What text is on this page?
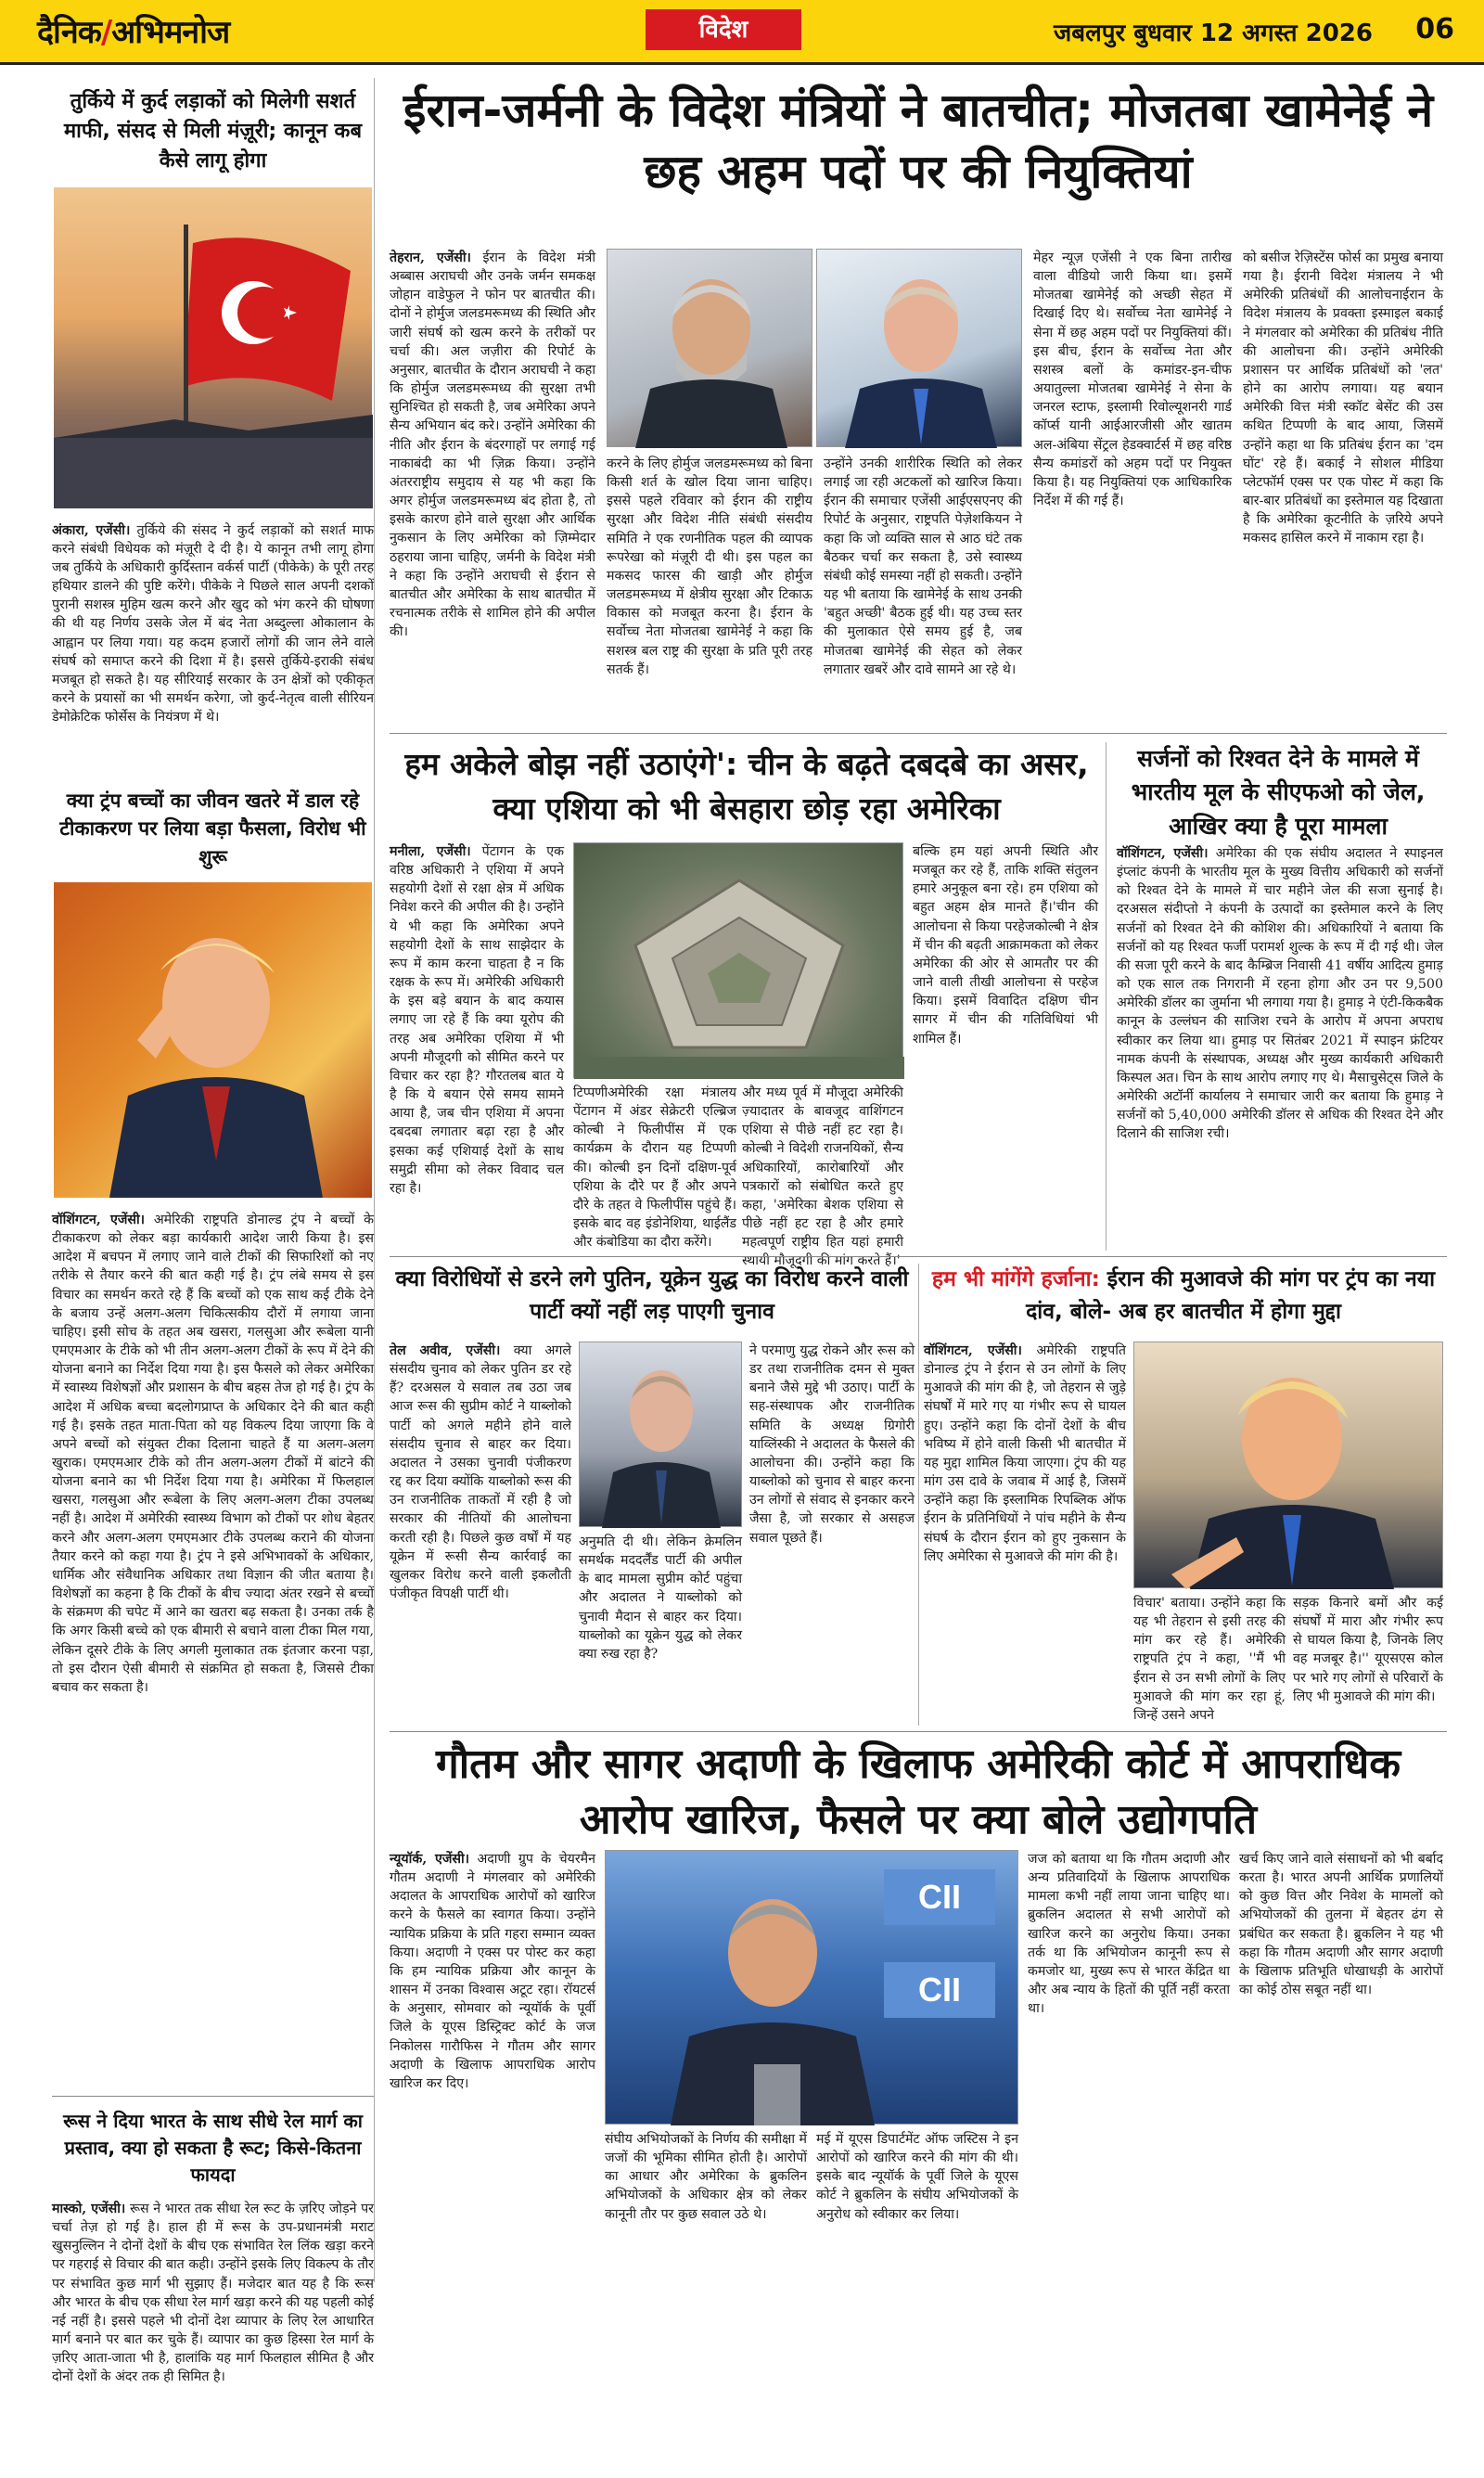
दैनिक/अभिमनोज	विदेश	जबलपुर बुधवार 12 अगस्त 2026 06
तुर्किये में कुर्द लड़ाकों को मिलेगी सशर्त माफी, संसद से मिली मंज़ूरी; कानून कब कैसे लागू होगा
अंकारा, एजेंसी। तुर्किये की संसद ने कुर्द लड़ाकों को सशर्त माफ करने संबंधी विधेयक को मंज़ूरी दे दी है। ये कानून तभी लागू होगा जब तुर्किये के अधिकारी कुर्दिस्तान वर्कर्स पार्टी (पीकेके) के पूरी तरह हथियार डालने की पुष्टि करेंगे। पीकेके ने पिछले साल अपनी दशकों पुरानी सशस्त्र मुहिम खत्म करने और खुद को भंग करने की घोषणा की थी यह निर्णय उसके जेल में बंद नेता अब्दुल्ला ओकालान के आह्वान पर लिया गया। यह कदम हजारों लोगों की जान लेने वाले संघर्ष को समाप्त करने की दिशा में है। इससे तुर्किये-इराकी संबंध मजबूत हो सकते है। यह सीरियाई सरकार के उन क्षेत्रों को एकीकृत करने के प्रयासों का भी समर्थन करेगा, जो कुर्द-नेतृत्व वाली सीरियन डेमोक्रेटिक फोर्सेस के नियंत्रण में थे।
क्या ट्रंप बच्चों का जीवन खतरे में डाल रहे टीकाकरण पर लिया बड़ा फैसला, विरोध भी शुरू
वॉशिंगटन, एजेंसी। अमेरिकी राष्ट्रपति डोनाल्ड ट्रंप ने बच्चों के टीकाकरण को लेकर बड़ा कार्यकारी आदेश जारी किया है। इस आदेश में बचपन में लगाए जाने वाले टीकों की सिफारिशों को नए तरीके से तैयार करने की बात कही गई है। ट्रंप लंबे समय से इस विचार का समर्थन करते रहे हैं कि बच्चों को एक साथ कई टीके देने के बजाय उन्हें अलग-अलग चिकित्सकीय दौरों में लगाया जाना चाहिए। इसी सोच के तहत अब खसरा, गलसुआ और रूबेला यानी एमएमआर के टीके को भी तीन अलग-अलग टीकों के रूप में देने की योजना बनाने का निर्देश दिया गया है। इस फैसले को लेकर अमेरिका में स्वास्थ्य विशेषज्ञों और प्रशासन के बीच बहस तेज हो गई है। ट्रंप के आदेश में अधिक बच्चा बदलोगप्राप्त के अधिकार देने की बात कही गई है। इसके तहत माता-पिता को यह विकल्प दिया जाएगा कि वे अपने बच्चों को संयुक्त टीका दिलाना चाहते हैं या अलग-अलग खुराक। एमएमआर टीके को तीन अलग-अलग टीकों में बांटने की योजना बनाने का भी निर्देश दिया गया है। अमेरिका में फिलहाल खसरा, गलसुआ और रूबेला के लिए अलग-अलग टीका उपलब्ध नहीं है। आदेश में अमेरिकी स्वास्थ्य विभाग को टीकों पर शोध बेहतर करने और अलग-अलग एमएमआर टीके उपलब्ध कराने की योजना तैयार करने को कहा गया है। ट्रंप ने इसे अभिभावकों के अधिकार, धार्मिक और संवैधानिक अधिकार तथा विज्ञान की जीत बताया है। विशेषज्ञों का कहना है कि टीकों के बीच ज्यादा अंतर रखने से बच्चों के संक्रमण की चपेट में आने का खतरा बढ़ सकता है। उनका तर्क है कि अगर किसी बच्चे को एक बीमारी से बचाने वाला टीका मिल गया, लेकिन दूसरे टीके के लिए अगली मुलाकात तक इंतजार करना पड़ा, तो इस दौरान ऐसी बीमारी से संक्रमित हो सकता है, जिससे टीका बचाव कर सकता है।
रूस ने दिया भारत के साथ सीधे रेल मार्ग का प्रस्ताव, क्या हो सकता है रूट; किसे-कितना फायदा
मास्को, एजेंसी। रूस ने भारत तक सीधा रेल रूट के ज़रिए जोड़ने पर चर्चा तेज़ हो गई है। हाल ही में रूस के उप-प्रधानमंत्री मराट खुसनुल्लिन ने दोनों देशों के बीच एक संभावित रेल लिंक खड़ा करने पर गहराई से विचार की बात कही। उन्होंने इसके लिए विकल्प के तौर पर संभावित कुछ मार्ग भी सुझाए हैं। मजेदार बात यह है कि रूस और भारत के बीच एक सीधा रेल मार्ग खड़ा करने की यह पहली कोई नई नहीं है। इससे पहले भी दोनों देश व्यापार के लिए रेल आधारित मार्ग बनाने पर बात कर चुके हैं। व्यापार का कुछ हिस्सा रेल मार्ग के ज़रिए आता-जाता भी है, हालांकि यह मार्ग फिलहाल सीमित है और दोनों देशों के अंदर तक ही सिमित है।
ईरान-जर्मनी के विदेश मंत्रियों ने बातचीत; मोजतबा खामेनेई ने छह अहम पदों पर की नियुक्तियां
तेहरान, एजेंसी। ईरान के विदेश मंत्री अब्बास अराघची और उनके जर्मन समकक्ष जोहान वाडेफुल ने फोन पर बातचीत की। दोनों ने होर्मुज जलडमरूमध्य की स्थिति और जारी संघर्ष को खत्म करने के तरीकों पर चर्चा की। अल जज़ीरा की रिपोर्ट के अनुसार, बातचीत के दौरान अराघची ने कहा कि होर्मुज जलडमरूमध्य की सुरक्षा तभी सुनिश्चित हो सकती है, जब अमेरिका अपने सैन्य अभियान बंद करे। उन्होंने अमेरिका की नीति और ईरान के बंदरगाहों पर लगाई गई नाकाबंदी का भी ज़िक्र किया। उन्होंने अंतरराष्ट्रीय समुदाय से यह भी कहा कि अगर होर्मुज जलडमरूमध्य बंद होता है, तो इसके कारण होने वाले सुरक्षा और आर्थिक नुकसान के लिए अमेरिका को ज़िम्मेदार ठहराया जाना चाहिए, जर्मनी के विदेश मंत्री ने कहा कि उन्होंने अराघची से ईरान से बातचीत और अमेरिका के साथ बातचीत में रचनात्मक तरीके से शामिल होने की अपील की।
करने के लिए होर्मुज जलडमरूमध्य को बिना किसी शर्त के खोल दिया जाना चाहिए। इससे पहले रविवार को ईरान की राष्ट्रीय सुरक्षा और विदेश नीति संबंधी संसदीय समिति ने एक रणनीतिक पहल की व्यापक रूपरेखा को मंज़ूरी दी थी। इस पहल का मकसद फारस की खाड़ी और होर्मुज जलडमरूमध्य में क्षेत्रीय सुरक्षा और टिकाऊ विकास को मजबूत करना है। ईरान के सर्वोच्च नेता मोजतबा खामेनेई ने कहा कि सशस्त्र बल राष्ट्र की सुरक्षा के प्रति पूरी तरह सतर्क हैं।
उन्होंने उनकी शारीरिक स्थिति को लेकर लगाई जा रही अटकलों को खारिज किया। ईरान की समाचार एजेंसी आईएसएनए की रिपोर्ट के अनुसार, राष्ट्रपति पेज़ेशकियन ने कहा कि जो व्यक्ति साल से आठ घंटे तक बैठकर चर्चा कर सकता है, उसे स्वास्थ्य संबंधी कोई समस्या नहीं हो सकती। उन्होंने यह भी बताया कि खामेनेई के साथ उनकी 'बहुत अच्छी' बैठक हुई थी। यह उच्च स्तर की मुलाकात ऐसे समय हुई है, जब मोजतबा खामेनेई की सेहत को लेकर लगातार खबरें और दावे सामने आ रहे थे।
मेहर न्यूज़ एजेंसी ने एक बिना तारीख वाला वीडियो जारी किया था। इसमें मोजतबा खामेनेई को अच्छी सेहत में दिखाई दिए थे। सर्वोच्च नेता खामेनेई ने सेना में छह अहम पदों पर नियुक्तियां कीं। इस बीच, ईरान के सर्वोच्च नेता और सशस्त्र बलों के कमांडर-इन-चीफ अयातुल्ला मोजतबा खामेनेई ने सेना के जनरल स्टाफ, इस्लामी रिवोल्यूशनरी गार्ड कॉर्प्स यानी आईआरजीसी और खातम अल-अंबिया सेंट्रल हेडक्वार्टर्स में छह वरिष्ठ सैन्य कमांडरों को अहम पदों पर नियुक्त किया है। यह नियुक्तियां एक आधिकारिक निर्देश में की गई हैं।
को बसीज रेज़िस्टेंस फोर्स का प्रमुख बनाया गया है। ईरानी विदेश मंत्रालय ने भी अमेरिकी प्रतिबंधों की आलोचनाईरान के विदेश मंत्रालय के प्रवक्ता इस्माइल बकाई ने मंगलवार को अमेरिका की प्रतिबंध नीति की आलोचना की। उन्होंने अमेरिकी प्रशासन पर आर्थिक प्रतिबंधों को 'लत' होने का आरोप लगाया। यह बयान अमेरिकी वित्त मंत्री स्कॉट बेसेंट की उस कथित टिप्पणी के बाद आया, जिसमें उन्होंने कहा था कि प्रतिबंध ईरान का 'दम घोंट' रहे हैं। बकाई ने सोशल मीडिया प्लेटफॉर्म एक्स पर एक पोस्ट में कहा कि बार-बार प्रतिबंधों का इस्तेमाल यह दिखाता है कि अमेरिका कूटनीति के ज़रिये अपने मकसद हासिल करने में नाकाम रहा है।
हम अकेले बोझ नहीं उठाएंगे': चीन के बढ़ते दबदबे का असर, क्या एशिया को भी बेसहारा छोड़ रहा अमेरिका
मनीला, एजेंसी। पेंटागन के एक वरिष्ठ अधिकारी ने एशिया में अपने सहयोगी देशों से रक्षा क्षेत्र में अधिक निवेश करने की अपील की है। उन्होंने ये भी कहा कि अमेरिका अपने सहयोगी देशों के साथ साझेदार के रूप में काम करना चाहता है न कि रक्षक के रूप में। अमेरिकी अधिकारी के इस बड़े बयान के बाद कयास लगाए जा रहे हैं कि क्या यूरोप की तरह अब अमेरिका एशिया में भी अपनी मौजूदगी को सीमित करने पर विचार कर रहा है? गौरतलब बात ये है कि ये बयान ऐसे समय सामने आया है, जब चीन एशिया में अपना दबदबा लगातार बढ़ा रहा है और इसका कई एशियाई देशों के साथ समुद्री सीमा को लेकर विवाद चल रहा है।
टिप्पणीअमेरिकी रक्षा मंत्रालय पेंटागन में अंडर सेक्रेटरी एल्ब्रिज कोल्बी ने फिलीपींस में एक कार्यक्रम के दौरान यह टिप्पणी की। कोल्बी इन दिनों दक्षिण-पूर्व एशिया के दौरे पर हैं और अपने दौरे के तहत वे फिलीपींस पहुंचे हैं। इसके बाद वह इंडोनेशिया, थाईलैंड और कंबोडिया का दौरा करेंगे।
और मध्य पूर्व में मौजूदा अमेरिकी ज़्यादातर के बावजूद वाशिंगटन एशिया से पीछे नहीं हट रहा है। कोल्बी ने विदेशी राजनयिकों, सैन्य अधिकारियों, कारोबारियों और पत्रकारों को संबोधित करते हुए कहा, 'अमेरिका बेशक एशिया से पीछे नहीं हट रहा है और हमारे महत्वपूर्ण राष्ट्रीय हित यहां हमारी स्थायी मौजूदगी की मांग करते हैं।'
बल्कि हम यहां अपनी स्थिति और मजबूत कर रहे हैं, ताकि शक्ति संतुलन हमारे अनुकूल बना रहे। हम एशिया को बहुत अहम क्षेत्र मानते हैं।'चीन की आलोचना से किया परहेजकोल्बी ने क्षेत्र में चीन की बढ़ती आक्रामकता को लेकर अमेरिका की ओर से आमतौर पर की जाने वाली तीखी आलोचना से परहेज किया। इसमें विवादित दक्षिण चीन सागर में चीन की गतिविधियां भी शामिल हैं।
सर्जनों को रिश्वत देने के मामले में भारतीय मूल के सीएफओ को जेल, आखिर क्या है पूरा मामला
वॉशिंगटन, एजेंसी। अमेरिका की एक संघीय अदालत ने स्पाइनल इंप्लांट कंपनी के भारतीय मूल के मुख्य वित्तीय अधिकारी को सर्जनों को रिश्वत देने के मामले में चार महीने जेल की सजा सुनाई है। दरअसल संदीप्तो ने कंपनी के उत्पादों का इस्तेमाल करने के लिए सर्जनों को रिश्वत देने की कोशिश की। अधिकारियों ने बताया कि सर्जनों को यह रिश्वत फर्जी परामर्श शुल्क के रूप में दी गई थी। जेल की सजा पूरी करने के बाद कैम्ब्रिज निवासी 41 वर्षीय आदित्य हुमाड़ को एक साल तक निगरानी में रहना होगा और उन पर 9,500 अमेरिकी डॉलर का जुर्माना भी लगाया गया है। हुमाड़ ने एंटी-किकबैक कानून के उल्लंघन की साजिश रचने के आरोप में अपना अपराध स्वीकार कर लिया था। हुमाड़ पर सितंबर 2021 में स्पाइन फ्रंटियर नामक कंपनी के संस्थापक, अध्यक्ष और मुख्य कार्यकारी अधिकारी किस्पल अत। चिन के साथ आरोप लगाए गए थे। मैसाचुसेट्स जिले के अमेरिकी अटॉर्नी कार्यालय ने समाचार जारी कर बताया कि हुमाड़ ने सर्जनों को 5,40,000 अमेरिकी डॉलर से अधिक की रिश्वत देने और दिलाने की साजिश रची।
क्या विरोधियों से डरने लगे पुतिन, यूक्रेन युद्ध का विरोध करने वाली पार्टी क्यों नहीं लड़ पाएगी चुनाव
तेल अवीव, एजेंसी। क्या अगले संसदीय चुनाव को लेकर पुतिन डर रहे हैं? दरअसल ये सवाल तब उठा जब आज रूस की सुप्रीम कोर्ट ने याब्लोको पार्टी को अगले महीने होने वाले संसदीय चुनाव से बाहर कर दिया। अदालत ने उसका चुनावी पंजीकरण रद्द कर दिया क्योंकि याब्लोको रूस की उन राजनीतिक ताकतों में रही है जो सरकार की नीतियों की आलोचना करती रही है। पिछले कुछ वर्षों में यह यूक्रेन में रूसी सैन्य कार्रवाई का खुलकर विरोध करने वाली इकलौती पंजीकृत विपक्षी पार्टी थी।
अनुमति दी थी। लेकिन क्रेमलिन समर्थक मददर्लैंड पार्टी की अपील के बाद मामला सुप्रीम कोर्ट पहुंचा और अदालत ने याब्लोको को चुनावी मैदान से बाहर कर दिया। याब्लोको का यूक्रेन युद्ध को लेकर क्या रुख रहा है?
ने परमाणु युद्ध रोकने और रूस को डर तथा राजनीतिक दमन से मुक्त बनाने जैसे मुद्दे भी उठाए। पार्टी के सह-संस्थापक और राजनीतिक समिति के अध्यक्ष ग्रिगोरी याव्लिंस्की ने अदालत के फैसले की आलोचना की। उन्होंने कहा कि याब्लोको को चुनाव से बाहर करना उन लोगों से संवाद से इनकार करने जैसा है, जो सरकार से असहज सवाल पूछते हैं।
हम भी मांगेंगे हर्जाना: ईरान की मुआवजे की मांग पर ट्रंप का नया दांव, बोले- अब हर बातचीत में होगा मुद्दा
वॉशिंगटन, एजेंसी। अमेरिकी राष्ट्रपति डोनाल्ड ट्रंप ने ईरान से उन लोगों के लिए मुआवजे की मांग की है, जो तेहरान से जुड़े संघर्षों में मारे गए या गंभीर रूप से घायल हुए। उन्होंने कहा कि दोनों देशों के बीच भविष्य में होने वाली किसी भी बातचीत में यह मुद्दा शामिल किया जाएगा। ट्रंप की यह मांग उस दावे के जवाब में आई है, जिसमें उन्होंने कहा कि इस्लामिक रिपब्लिक ऑफ ईरान के प्रतिनिधियों ने पांच महीने के सैन्य संघर्ष के दौरान ईरान को हुए नुकसान के लिए अमेरिका से मुआवजे की मांग की है।
विचार' बताया। उन्होंने कहा कि यह भी तेहरान से इसी तरह की मांग कर रहे हैं। अमेरिकी राष्ट्रपति ट्रंप ने कहा, ''मैं भी ईरान से उन सभी लोगों के लिए मुआवजे की मांग कर रहा हूं, जिन्हें उसने अपने
सड़क किनारे बमों और कई संघर्षों में मारा और गंभीर रूप से घायल किया है, जिनके लिए वह मजबूर है।'' यूएसएस कोल पर भारे गए लोगों से परिवारों के लिए भी मुआवजे की मांग की।
गौतम और सागर अदाणी के खिलाफ अमेरिकी कोर्ट में आपराधिक आरोप खारिज, फैसले पर क्या बोले उद्योगपति
न्यूयॉर्क, एजेंसी। अदाणी ग्रुप के चेयरमैन गौतम अदाणी ने मंगलवार को अमेरिकी अदालत के आपराधिक आरोपों को खारिज करने के फैसले का स्वागत किया। उन्होंने न्यायिक प्रक्रिया के प्रति गहरा सम्मान व्यक्त किया। अदाणी ने एक्स पर पोस्ट कर कहा कि हम न्यायिक प्रक्रिया और कानून के शासन में उनका विश्वास अटूट रहा। रॉयटर्स के अनुसार, सोमवार को न्यूयॉर्क के पूर्वी जिले के यूएस डिस्ट्रिक्ट कोर्ट के जज निकोलस गारौफिस ने गौतम और सागर अदाणी के खिलाफ आपराधिक आरोप खारिज कर दिए।
CII
CII
संघीय अभियोजकों के निर्णय की समीक्षा में जजों की भूमिका सीमित होती है। आरोपों का आधार और अमेरिका के ब्रुकलिन अभियोजकों के अधिकार क्षेत्र को लेकर कानूनी तौर पर कुछ सवाल उठे थे।
मई में यूएस डिपार्टमेंट ऑफ जस्टिस ने इन आरोपों को खारिज करने की मांग की थी। इसके बाद न्यूयॉर्क के पूर्वी जिले के यूएस कोर्ट ने ब्रुकलिन के संघीय अभियोजकों के अनुरोध को स्वीकार कर लिया।
जज को बताया था कि गौतम अदाणी और अन्य प्रतिवादियों के खिलाफ आपराधिक मामला कभी नहीं लाया जाना चाहिए था। ब्रुकलिन अदालत से सभी आरोपों को खारिज करने का अनुरोध किया। उनका तर्क था कि अभियोजन कानूनी रूप से कमजोर था, मुख्य रूप से भारत केंद्रित था और अब न्याय के हितों की पूर्ति नहीं करता था।
खर्च किए जाने वाले संसाधनों को भी बर्बाद करता है। भारत अपनी आर्थिक प्रणालियों को कुछ वित्त और निवेश के मामलों को अभियोजकों की तुलना में बेहतर ढंग से प्रबंधित कर सकता है। ब्रुकलिन ने यह भी कहा कि गौतम अदाणी और सागर अदाणी के खिलाफ प्रतिभूति धोखाधड़ी के आरोपों का कोई ठोस सबूत नहीं था।
